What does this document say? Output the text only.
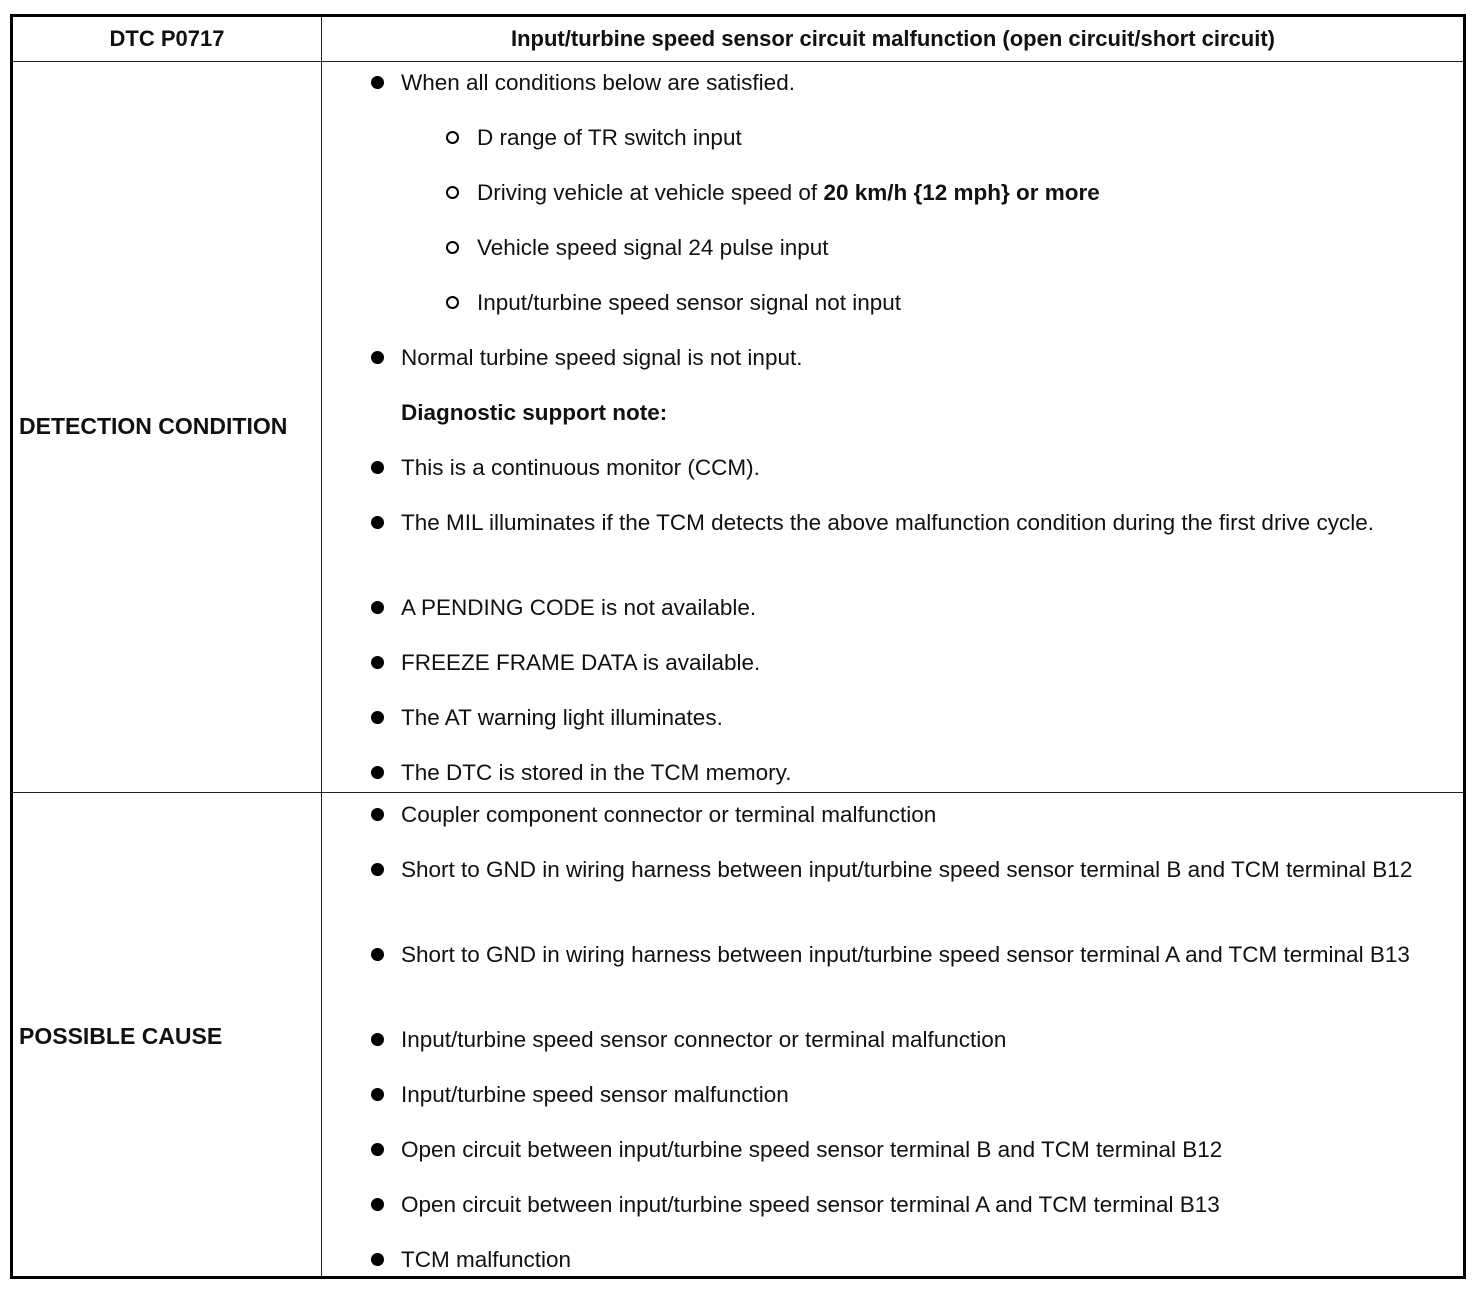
DTC P0717	Input/turbine speed sensor circuit malfunction (open circuit/short circuit)
DETECTION CONDITION
POSSIBLE CAUSE
When all conditions below are satisfied.
D range of TR switch input
Driving vehicle at vehicle speed of 20 km/h {12 mph} or more
Vehicle speed signal 24 pulse input
Input/turbine speed sensor signal not input
Normal turbine speed signal is not input.
Diagnostic support note:
This is a continuous monitor (CCM).
The MIL illuminates if the TCM detects the above malfunction condition during the first drive cycle.
A PENDING CODE is not available.
FREEZE FRAME DATA is available.
The AT warning light illuminates.
The DTC is stored in the TCM memory.
Coupler component connector or terminal malfunction
Short to GND in wiring harness between input/turbine speed sensor terminal B and TCM terminal B12
Short to GND in wiring harness between input/turbine speed sensor terminal A and TCM terminal B13
Input/turbine speed sensor connector or terminal malfunction
Input/turbine speed sensor malfunction
Open circuit between input/turbine speed sensor terminal B and TCM terminal B12
Open circuit between input/turbine speed sensor terminal A and TCM terminal B13
TCM malfunction
